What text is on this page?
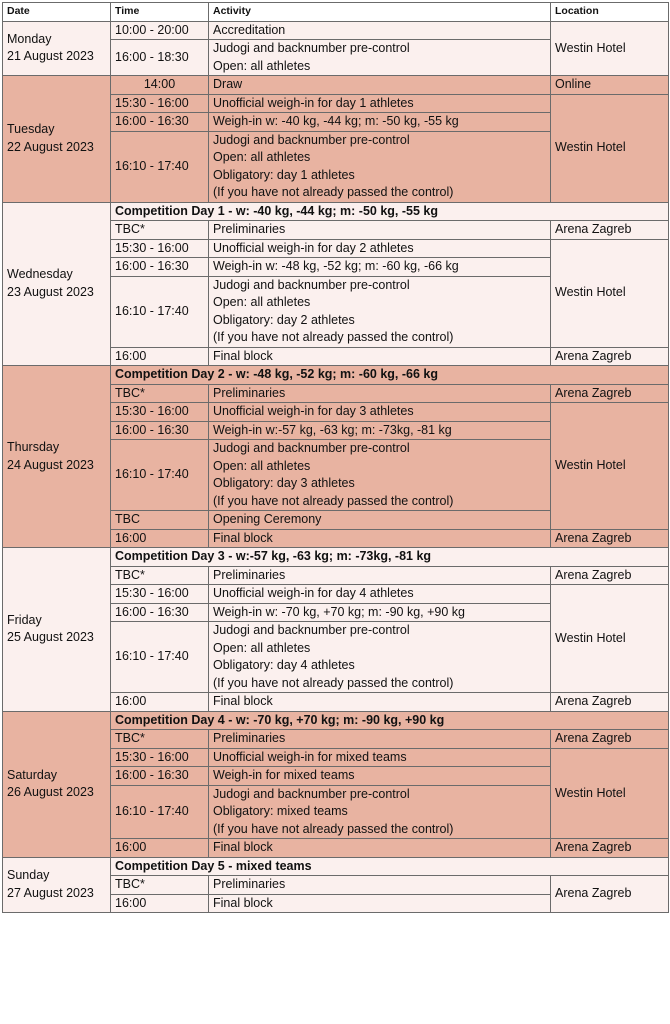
Date	Time	Activity	Location

Monday
21 August 2023	10:00 - 20:00	Accreditation	Westin Hotel
	16:00 - 18:30	Judogi and backnumber pre-control
Open: all athletes	

Tuesday
22 August 2023	14:00	Draw	Online
	15:30 - 16:00	Unofficial weigh-in for day 1 athletes	Westin Hotel
	16:00 - 16:30	Weigh-in w: -40 kg, -44 kg; m: -50 kg, -55 kg	

	16:10 - 17:40	Judogi and backnumber pre-control
Open: all athletes
Obligatory: day 1 athletes
(If you have not already passed the control)	

Wednesday
23 August 2023	Competition Day 1 - w: -40 kg, -44 kg; m: -50 kg, -55 kg		
	TBC*	Preliminaries	Arena Zagreb
	15:30 - 16:00	Unofficial weigh-in for day 2 athletes	Westin Hotel
	16:00 - 16:30	Weigh-in w: -48 kg, -52 kg; m: -60 kg, -66 kg	

	16:10 - 17:40	Judogi and backnumber pre-control
Open: all athletes
Obligatory: day 2 athletes
(If you have not already passed the control)	

	16:00	Final block	Arena Zagreb

Thursday
24 August 2023	Competition Day 2 - w: -48 kg, -52 kg; m: -60 kg, -66 kg		
	TBC*	Preliminaries	Arena Zagreb
	15:30 - 16:00	Unofficial weigh-in for day 3 athletes	Westin Hotel
	16:00 - 16:30	Weigh-in w:-57 kg, -63 kg; m: -73kg, -81 kg	

	16:10 - 17:40	Judogi and backnumber pre-control
Open: all athletes
Obligatory: day 3 athletes
(If you have not already passed the control)	

	TBC	Opening Ceremony	

	16:00	Final block	Arena Zagreb

Friday
25 August 2023	Competition Day 3 - w:-57 kg, -63 kg; m: -73kg, -81 kg		
	TBC*	Preliminaries	Arena Zagreb
	15:30 - 16:00	Unofficial weigh-in for day 4 athletes	Westin Hotel
	16:00 - 16:30	Weigh-in w: -70 kg, +70 kg; m: -90 kg, +90 kg	

	16:10 - 17:40	Judogi and backnumber pre-control
Open: all athletes
Obligatory: day 4 athletes
(If you have not already passed the control)	

	16:00	Final block	Arena Zagreb

Saturday
26 August 2023	Competition Day 4 - w: -70 kg, +70 kg; m: -90 kg, +90 kg		
	TBC*	Preliminaries	Arena Zagreb
	15:30 - 16:00	Unofficial weigh-in for mixed teams	Westin Hotel
	16:00 - 16:30	Weigh-in for mixed teams	

	16:10 - 17:40	Judogi and backnumber pre-control
Obligatory: mixed teams
(If you have not already passed the control)	

	16:00	Final block	Arena Zagreb

Sunday
27 August 2023	Competition Day 5 - mixed teams		
	TBC*	Preliminaries	Arena Zagreb
	16:00	Final block	
